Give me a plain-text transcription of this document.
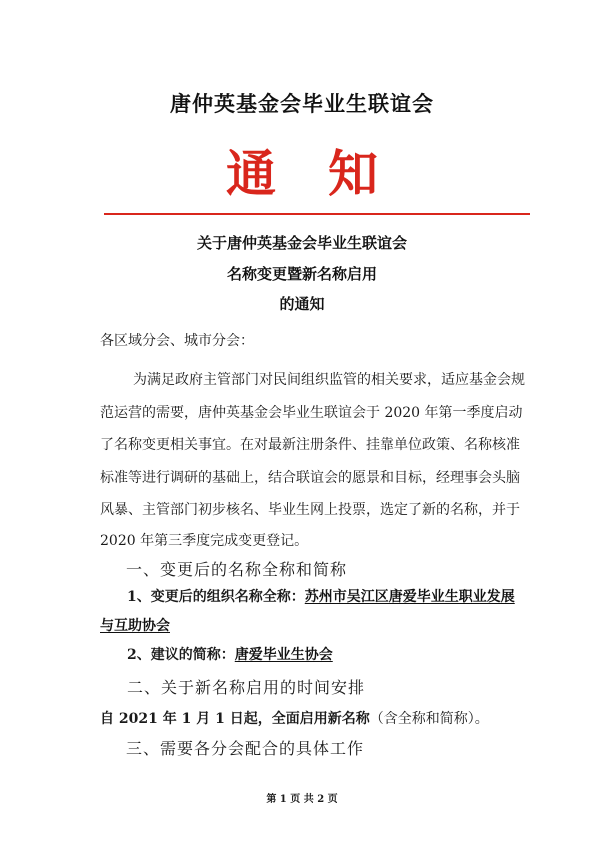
唐仲英基金会毕业生联谊会
通知
关于唐仲英基金会毕业生联谊会
名称变更暨新名称启用
的通知
各区域分会、城市分会：
为满足政府主管部门对民间组织监管的相关要求，适应基金会规
范运营的需要，唐仲英基金会毕业生联谊会于 2020 年第一季度启动
了名称变更相关事宜。在对最新注册条件、挂靠单位政策、名称核准
标准等进行调研的基础上，结合联谊会的愿景和目标，经理事会头脑
风暴、主管部门初步核名、毕业生网上投票，选定了新的名称，并于
2020 年第三季度完成变更登记。
一、变更后的名称全称和简称
1、变更后的组织名称全称：苏州市吴江区唐爱毕业生职业发展
与互助协会
2、建议的简称：唐爱毕业生协会
二、关于新名称启用的时间安排
自 2021 年 1 月 1 日起，全面启用新名称（含全称和简称）。
三、需要各分会配合的具体工作
第 1 页 共 2 页
